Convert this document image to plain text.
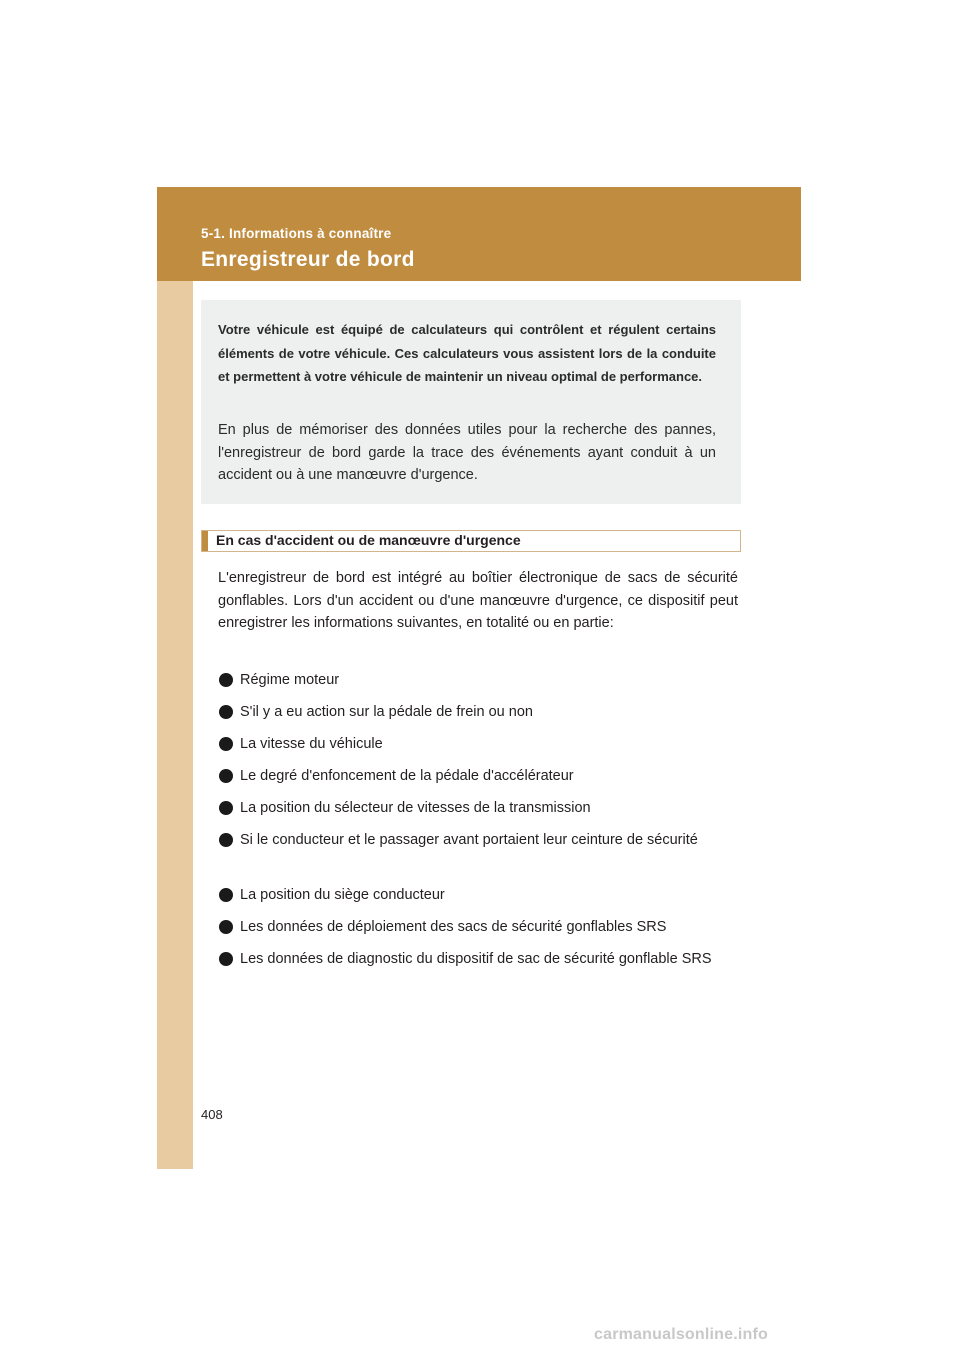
5-1. Informations à connaître
Enregistreur de bord

Votre véhicule est équipé de calculateurs qui contrôlent et régulent certains éléments de votre véhicule. Ces calculateurs vous assistent lors de la conduite et permettent à votre véhicule de maintenir un niveau optimal de performance.

En plus de mémoriser des données utiles pour la recherche des pannes, l'enregistreur de bord garde la trace des événements ayant conduit à un accident ou à une manœuvre d'urgence.

En cas d'accident ou de manœuvre d'urgence

L'enregistreur de bord est intégré au boîtier électronique de sacs de sécurité gonflables. Lors d'un accident ou d'une manœuvre d'urgence, ce dispositif peut enregistrer les informations suivantes, en totalité ou en partie:

Régime moteur
S'il y a eu action sur la pédale de frein ou non
La vitesse du véhicule
Le degré d'enfoncement de la pédale d'accélérateur
La position du sélecteur de vitesses de la transmission
Si le conducteur et le passager avant portaient leur ceinture de sécurité
La position du siège conducteur
Les données de déploiement des sacs de sécurité gonflables SRS
Les données de diagnostic du dispositif de sac de sécurité gonflable SRS
408
carmanualsonline.info
